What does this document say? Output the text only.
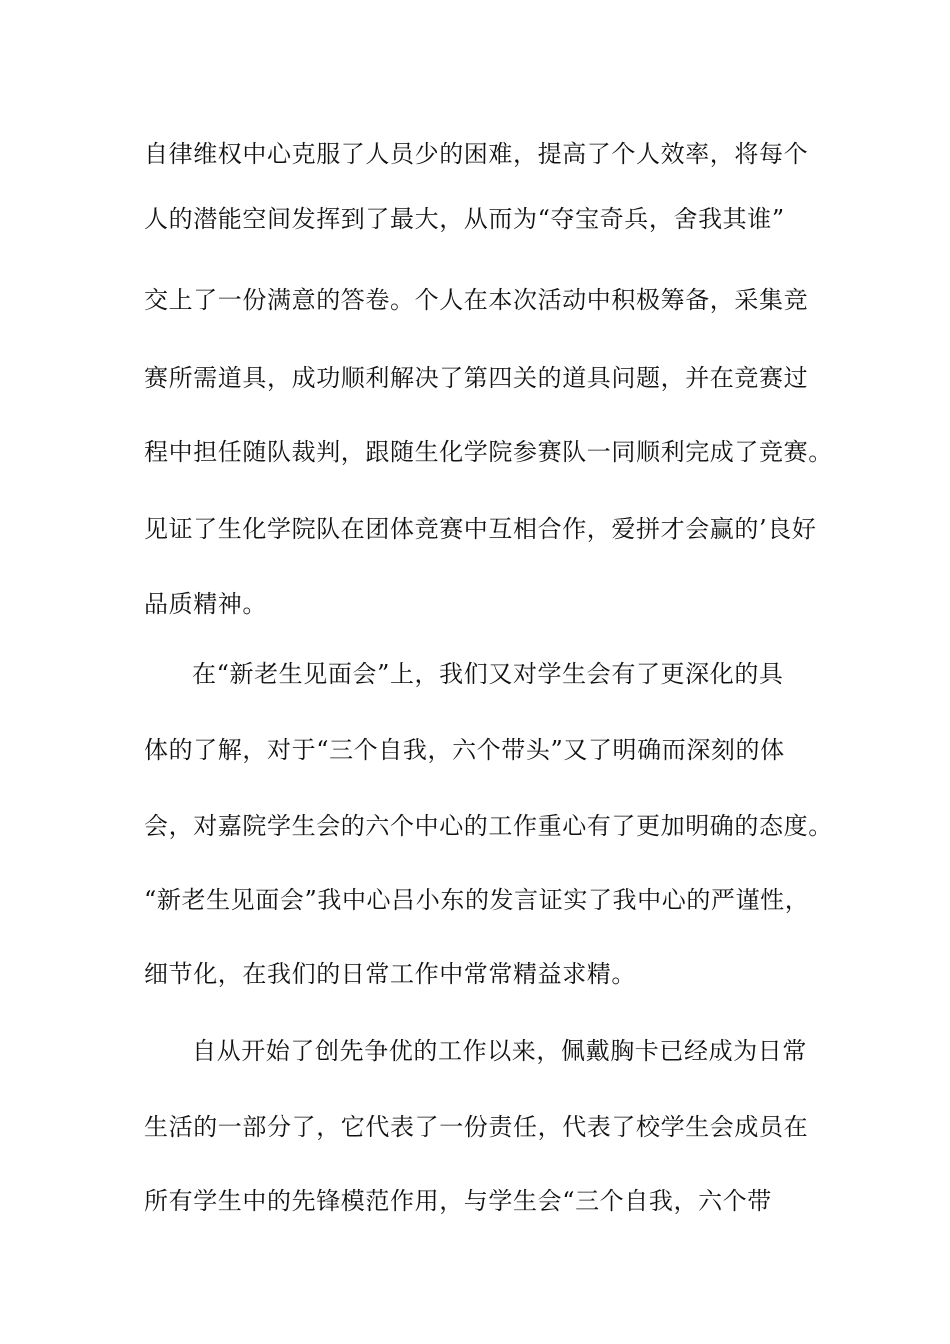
自律维权中心克服了人员少的困难，提高了个人效率，将每个
人的潜能空间发挥到了最大，从而为“夺宝奇兵，舍我其谁”
交上了一份满意的答卷。个人在本次活动中积极筹备，采集竞
赛所需道具，成功顺利解决了第四关的道具问题，并在竞赛过
程中担任随队裁判，跟随生化学院参赛队一同顺利完成了竞赛。
见证了生化学院队在团体竞赛中互相合作，爱拼才会赢的’良好
品质精神。
在“新老生见面会”上，我们又对学生会有了更深化的具
体的了解，对于“三个自我，六个带头”又了明确而深刻的体
会，对嘉院学生会的六个中心的工作重心有了更加明确的态度。
“新老生见面会”我中心吕小东的发言证实了我中心的严谨性，
细节化，在我们的日常工作中常常精益求精。
自从开始了创先争优的工作以来，佩戴胸卡已经成为日常
生活的一部分了，它代表了一份责任，代表了校学生会成员在
所有学生中的先锋模范作用，与学生会“三个自我，六个带
